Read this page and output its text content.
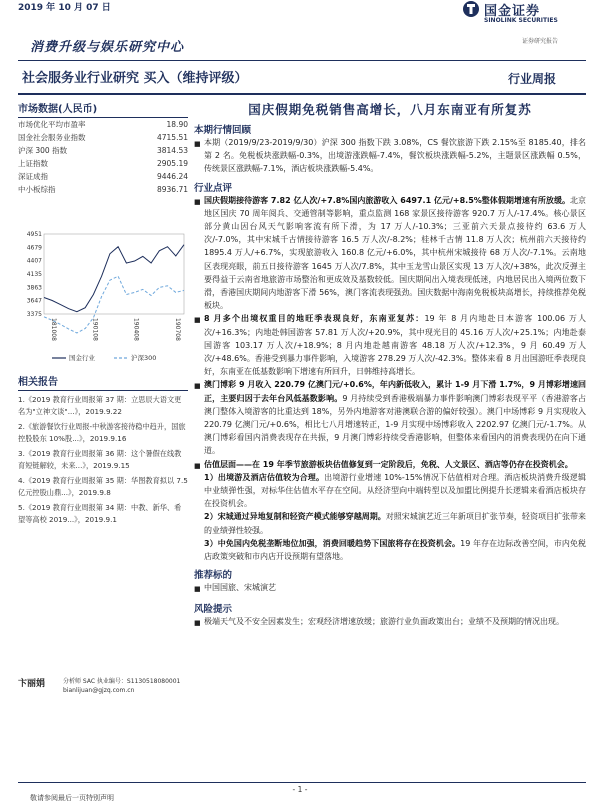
2019 年 10 月 07 日	国金证券
SINOLINK SECURITIES
证券研究报告
消费升级与娱乐研究中心
社会服务业行业研究 买入（维持评级）	行业周报
市场数据(人民币)
市场优化平均市盈率	18.90
国金社会服务业指数	4715.51
沪深 300 指数	3814.53
上证指数	2905.19
深证成指	9446.24
中小板综指	8936.71
4951
4679
4407
4135
3863
3647
3375
181008	190108	190408	190708
国金行业	沪深300
相关报告
1.《2019 教育行业周报第 37 期：立思辰大语文更名为"立神文谈"...》，2019.9.22
2.《旅游餐饮行业周报-中秋游客接待稳中趋升，国旅控股股东 10%股...》，2019.9.16
3.《2019 教育行业周报第 36 期：这个暑假在线教育短链解较，未来...》，2019.9.15
4.《2019 教育行业周报第 35 期：华图教育拟以 7.5 亿元控股山鼎...》，2019.9.8
5.《2019 教育行业周报第 34 期：中教、新华、希望等高校 2019...》，2019.9.1
卞丽娟	分析师 SAC 执业编号：S1130518080001
bianlijuan@gjzq.com.cn
国庆假期免税销售高增长，八月东南亚有所复苏
本期行情回顾
■ 本期（2019/9/23-2019/9/30）沪深 300 指数下跌 3.08%，CS 餐饮旅游下跌 2.15%至 8185.40，排名第 2 名。免税板块涨跌幅-0.3%，出境游涨跌幅-7.4%，餐饮板块涨跌幅-5.2%，主题景区涨跌幅 0.5%，传统景区涨跌幅-7.1%，酒店板块涨跌幅-5.4%。
行业点评
■ 国庆假期接待游客 7.82 亿人次/+7.8%国内旅游收入 6497.1 亿元/+8.5%整体假期增速有所放缓。北京地区国庆 70 周年阅兵、交通管制等影响，重点监测 168 家景区接待游客 920.7 万人/-17.4%。核心景区部分黄山因台风天气影响客流有所下滑，为 17 万人/-10.3%；三亚前六天景点接待约 63.6 万人次/-7.0%，其中宋城千古情接待游客 16.5 万人次/-8.2%；桂林千古情 11.8 万人次；杭州前六天接待约 1895.4 万人/+6.7%，实现旅游收入 160.8 亿元/+6.0%，其中杭州宋城接待 68 万人次/-7.1%。云南地区表现亮眼，前五日接待游客 1645 万人次/7.8%，其中玉龙雪山景区实现 13 万人次/+38%，此次反弹主要得益于云南省地旅游市场整治和更成效及基数较低。国庆期间出入境表现低迷，内地居民出入境两位数下滑，香港国庆期间内地游客下滑 56%，澳门客流表现强劲。国庆数据中海南免税板块高增长，持续推荐免税板块。
■ 8 月多个出境权重目的地旺季表现良好，东南亚复苏：19 年 8 月内地赴日本游客 100.06 万人次/+16.3%；内地赴韩国游客 57.81 万人次/+20.9%，其中现光目的 45.16 万人次/+25.1%；内地赴泰国游客 103.17 万人次/+18.9%；8 月内地赴越南游客 48.18 万人次/+12.3%，9 月 60.49 万人次/+48.6%。香港受到暴力事件影响，入境游客 278.29 万人次/-42.3%。整体来看 8 月出国游旺季表现良好，东南亚在低基数影响下增速有所回升，日韩维持高增长。
■ 澳门博彩 9 月收入 220.79 亿澳门元/+0.6%，年内新低收入，累计 1-9 月下滑 1.7%，9 月博彩增速回正，主要归因于去年台风低基数影响。9 月持续受到香港极端暴力事件影响澳门博彩表现平平（香港游客占澳门整体入境游客的比重达到 18%，另外内地游客对港澳联合游的偏好较强）。澳门中场博彩 9 月实现收入 220.79 亿澳门元/+0.6%，相比七八月增速转正，1-9 月实现中场博彩收入 2202.97 亿澳门元/-1.7%。从澳门博彩看国内消费表现存在共振，9 月澳门博彩持续受香港影响，但整体来看国内的消费表现仍在向下通道。
■ 估值层面——在 19 年季节旅游板块估值修复到一定阶段后，免税、人文景区、酒店等仍存在投资机会。
1）出境游及酒店估值较为合理。出境游行业增速 10%-15%情况下估值相对合理。酒店板块消费升级逻辑中业绩弹性强，对标华住估值水平存在空间。从经济型向中端转型以及加盟比例提升长逻辑来看酒店板块存在投资机会。
2）宋城通过异地复制和轻资产模式能够穿越周期。对照宋城演艺近三年新项目扩张节奏，轻资项目扩张带来的业绩弹性较强。
3）中免国内免税垄断地位加强，消费回暖趋势下国旅将存在投资机会。19 年存在边际改善空间，市内免税店政策突破和市内店开设预期有望落地。
推荐标的
■ 中国国旅、宋城演艺
风险提示
■ 极端天气及不安全因素发生；宏观经济增速放缓；旅游行业负面政策出台；业绩不及预期的情况出现。
- 1 -
敬请参阅最后一页特别声明
